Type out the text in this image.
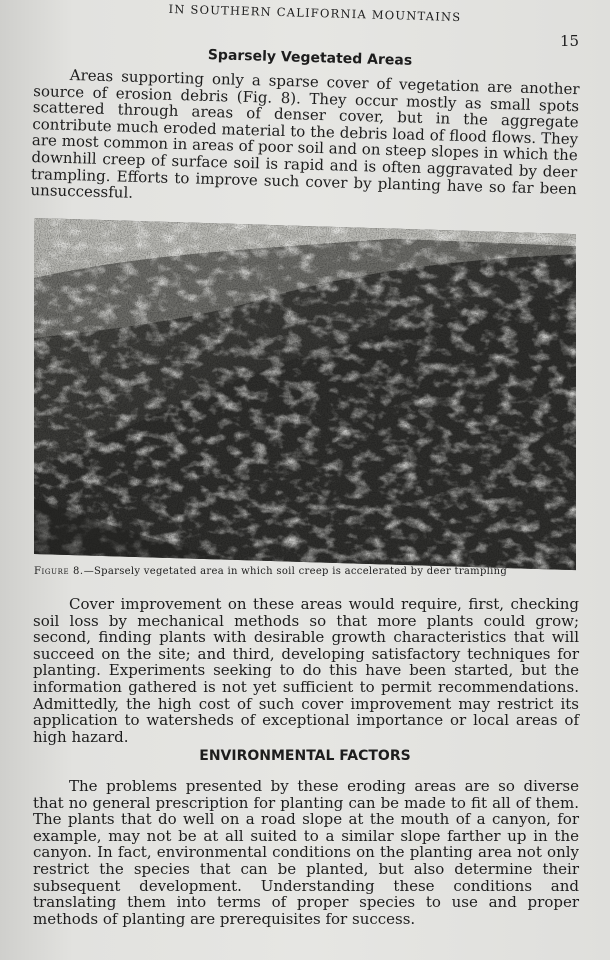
IN SOUTHERN CALIFORNIA MOUNTAINS
15
Sparsely Vegetated Areas

Areas supporting only a sparse cover of vegetation are another source of erosion debris (Fig. 8). They occur mostly as small spots scattered through areas of denser cover, but in the aggregate contribute much eroded material to the debris load of flood flows. They are most common in areas of poor soil and on steep slopes in which the downhill creep of surface soil is rapid and is often aggravated by deer trampling. Efforts to improve such cover by planting have so far been unsuccessful.

Figure 8.—Sparsely vegetated area in which soil creep is accelerated by deer trampling

Cover improvement on these areas would require, first, checking soil loss by mechanical methods so that more plants could grow; second, finding plants with desirable growth characteristics that will succeed on the site; and third, developing satisfactory techniques for planting. Experiments seeking to do this have been started, but the information gathered is not yet sufficient to permit recommendations. Admittedly, the high cost of such cover improvement may restrict its application to watersheds of exceptional importance or local areas of high hazard.

ENVIRONMENTAL FACTORS

The problems presented by these eroding areas are so diverse that no general prescription for planting can be made to fit all of them. The plants that do well on a road slope at the mouth of a canyon, for example, may not be at all suited to a similar slope farther up in the canyon. In fact, environmental conditions on the planting area not only restrict the species that can be planted, but also determine their subsequent development. Understanding these conditions and translating them into terms of proper species to use and proper methods of planting are prerequisites for success.
